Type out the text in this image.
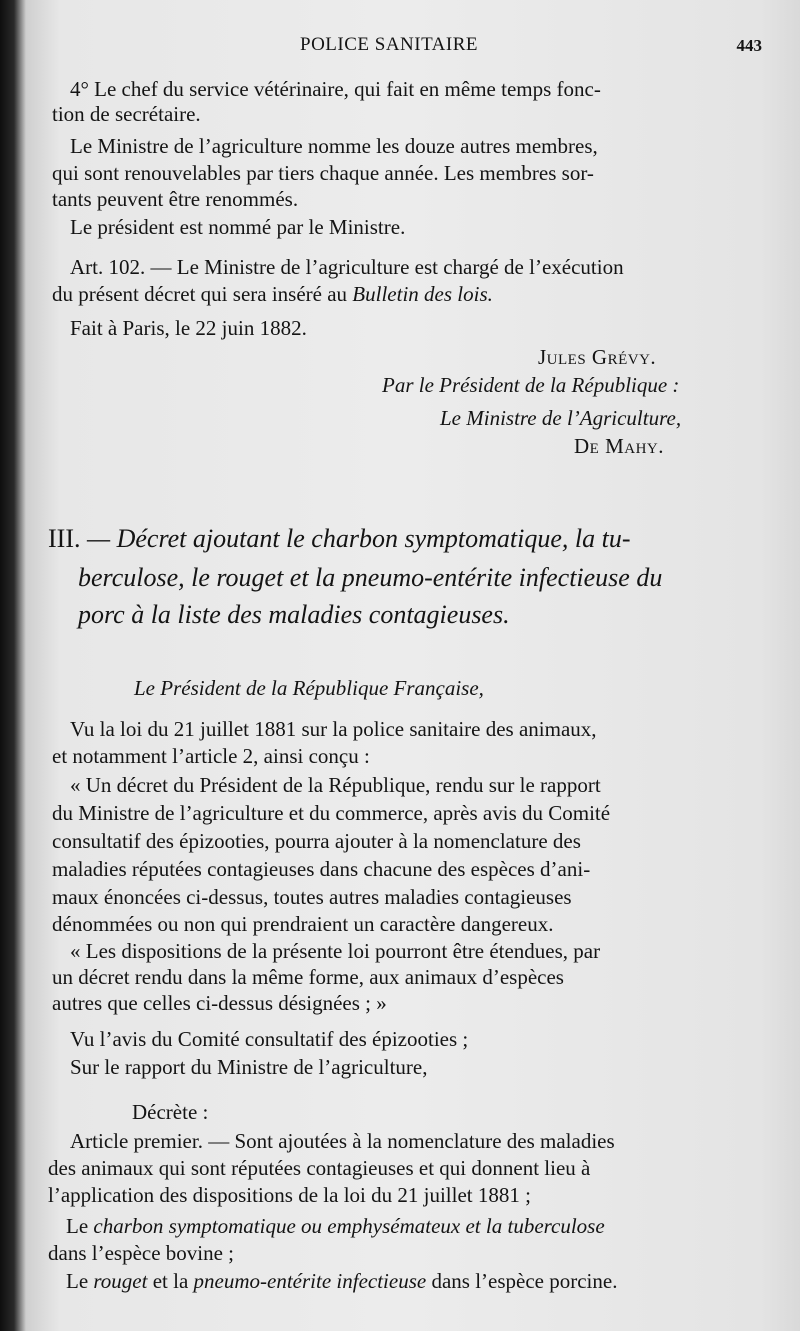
POLICE SANITAIRE	443
4° Le chef du service vétérinaire, qui fait en même temps fonc-
tion de secrétaire.
Le Ministre de l’agriculture nomme les douze autres membres,
qui sont renouvelables par tiers chaque année. Les membres sor-
tants peuvent être renommés.
Le président est nommé par le Ministre.
Art. 102. — Le Ministre de l’agriculture est chargé de l’exécution
du présent décret qui sera inséré au Bulletin des lois.
Fait à Paris, le 22 juin 1882.
Jules Grévy.
Par le Président de la République :
Le Ministre de l’Agriculture,
De Mahy.
III. — Décret ajoutant le charbon symptomatique, la tu-
berculose, le rouget et la pneumo-entérite infectieuse du
porc à la liste des maladies contagieuses.
Le Président de la République Française,
Vu la loi du 21 juillet 1881 sur la police sanitaire des animaux,
et notamment l’article 2, ainsi conçu :
« Un décret du Président de la République, rendu sur le rapport
du Ministre de l’agriculture et du commerce, après avis du Comité
consultatif des épizooties, pourra ajouter à la nomenclature des
maladies réputées contagieuses dans chacune des espèces d’ani-
maux énoncées ci-dessus, toutes autres maladies contagieuses
dénommées ou non qui prendraient un caractère dangereux.
« Les dispositions de la présente loi pourront être étendues, par
un décret rendu dans la même forme, aux animaux d’espèces
autres que celles ci-dessus désignées ; »
Vu l’avis du Comité consultatif des épizooties ;
Sur le rapport du Ministre de l’agriculture,
Décrète :
Article premier. — Sont ajoutées à la nomenclature des maladies
des animaux qui sont réputées contagieuses et qui donnent lieu à
l’application des dispositions de la loi du 21 juillet 1881 ;
Le charbon symptomatique ou emphysémateux et la tuberculose
dans l’espèce bovine ;
Le rouget et la pneumo-entérite infectieuse dans l’espèce porcine.
